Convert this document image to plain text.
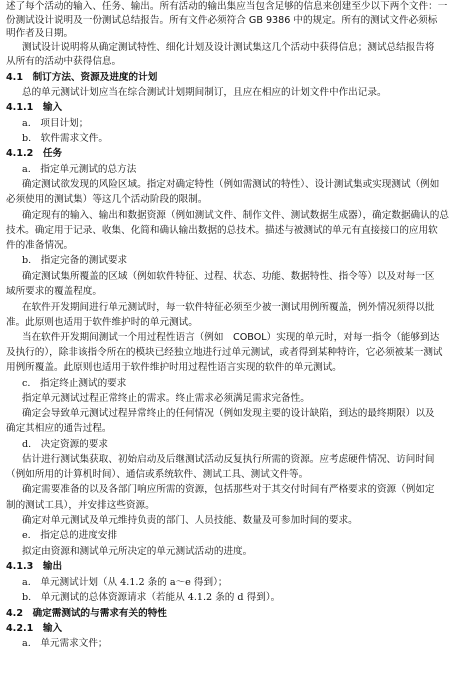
述了每个活动的输入、任务、输出。所有活动的输出集应当包含足够的信息来创建至少以下两个文件：一
份测试设计说明及一份测试总结报告。所有文件必须符合 GB 9386 中的规定。所有的测试文件必须标
明作者及日期。
测试设计说明将从确定测试特性、细化计划及设计测试集这几个活动中获得信息；测试总结报告将
从所有的活动中获得信息。
4.1　制订方法、资源及进度的计划
总的单元测试计划应当在综合测试计划期间制订，且应在相应的计划文件中作出记录。
4.1.1　输入
a.　项目计划；
b.　软件需求文件。
4.1.2　任务
a.　指定单元测试的总方法
确定测试欲发现的风险区域。指定对确定特性（例如需测试的特性）、设计测试集或实现测试（例如
必须使用的测试集）等这几个活动阶段的限制。
确定现有的输入、输出和数据资源（例如测试文件、制作文件、测试数据生成器），确定数据确认的总
技术。确定用于记录、收集、化简和确认输出数据的总技术。描述与被测试的单元有直接接口的应用软
件的准备情况。
b.　指定完备的测试要求
确定测试集所覆盖的区域（例如软件特征、过程、状态、功能、数据特性、指令等）以及对每一区
域所要求的覆盖程度。
在软件开发期间进行单元测试时，每一软件特征必须至少被一测试用例所覆盖，例外情况须得以批
准。此原则也适用于软件维护时的单元测试。
当在软件开发期间测试一个用过程性语言（例如　COBOL）实现的单元时，对每一指令（能够到达
及执行的），除非该指令所在的模块已经独立地进行过单元测试，或者得到某种特许，它必须被某一测试
用例所覆盖。此原则也适用于软件维护时用过程性语言实现的软件的单元测试。
c.　指定终止测试的要求
指定单元测试过程正常终止的需求。终止需求必须满足需求完备性。
确定会导致单元测试过程异常终止的任何情况（例如发现主要的设计缺陷，到达的最终期限）以及
确定其相应的通告过程。
d.　决定资源的要求
估计进行测试集获取、初始启动及后继测试活动反复执行所需的资源。应考虑硬件情况、访问时间
（例如所用的计算机时间）、通信或系统软件、测试工具、测试文件等。
确定需要准备的以及各部门响应所需的资源，包括那些对于其交付时间有严格要求的资源（例如定
制的测试工具），并安排这些资源。
确定对单元测试及单元维持负责的部门、人员技能、数量及可参加时间的要求。
e.　指定总的进度安排
拟定由资源和测试单元所决定的单元测试活动的进度。
4.1.3　输出
a.　单元测试计划（从 4.1.2 条的 a～e 得到）；
b.　单元测试的总体资源请求（若能从 4.1.2 条的 d 得到）。
4.2　确定需测试的与需求有关的特性
4.2.1　输入
a.　单元需求文件；
